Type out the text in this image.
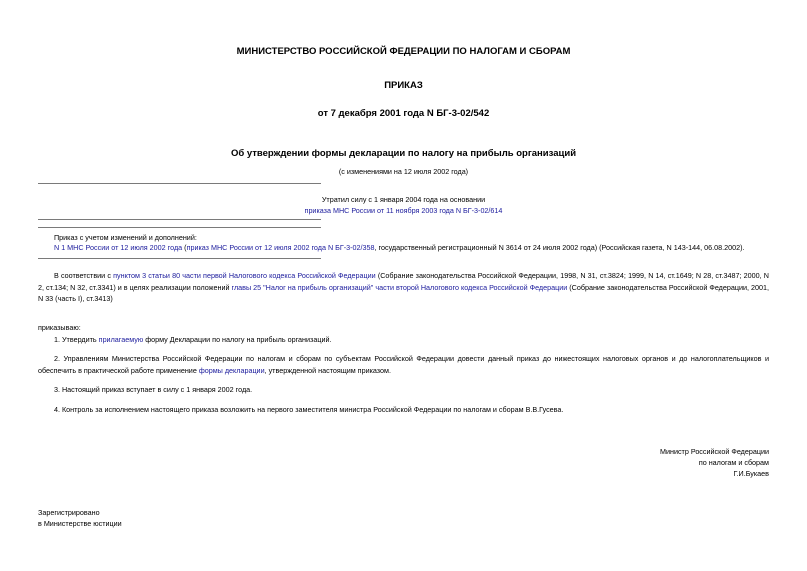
МИНИСТЕРСТВО РОССИЙСКОЙ ФЕДЕРАЦИИ ПО НАЛОГАМ И СБОРАМ
ПРИКАЗ
от 7 декабря 2001 года N БГ-3-02/542
Об утверждении формы декларации по налогу на прибыль организаций
(с изменениями на 12 июля 2002 года)
Утратил силу с 1 января 2004 года на основании
приказа МНС России от 11 ноября 2003 года N БГ-3-02/614
Приказ с учетом изменений и дополнений:
N 1 МНС России от 12 июля 2002 года (приказ МНС России от 12 июля 2002 года N БГ-3-02/358, государственный регистрационный N 3614 от 24 июля 2002 года) (Российская газета, N 143-144, 06.08.2002).
В соответствии с пунктом 3 статьи 80 части первой Налогового кодекса Российской Федерации (Собрание законодательства Российской Федерации, 1998, N 31, ст.3824; 1999, N 14, ст.1649; N 28, ст.3487; 2000, N 2, ст.134; N 32, ст.3341) и в целях реализации положений главы 25 "Налог на прибыль организаций" части второй Налогового кодекса Российской Федерации (Собрание законодательства Российской Федерации, 2001, N 33 (часть I), ст.3413)
приказываю:
1. Утвердить прилагаемую форму Декларации по налогу на прибыль организаций.
2. Управлениям Министерства Российской Федерации по налогам и сборам по субъектам Российской Федерации довести данный приказ до нижестоящих налоговых органов и до налогоплательщиков и обеспечить в практической работе применение формы декларации, утвержденной настоящим приказом.
3. Настоящий приказ вступает в силу с 1 января 2002 года.
4. Контроль за исполнением настоящего приказа возложить на первого заместителя министра Российской Федерации по налогам и сборам В.В.Гусева.
Министр Российской Федерации
по налогам и сборам
Г.И.Букаев
Зарегистрировано
в Министерстве юстиции
